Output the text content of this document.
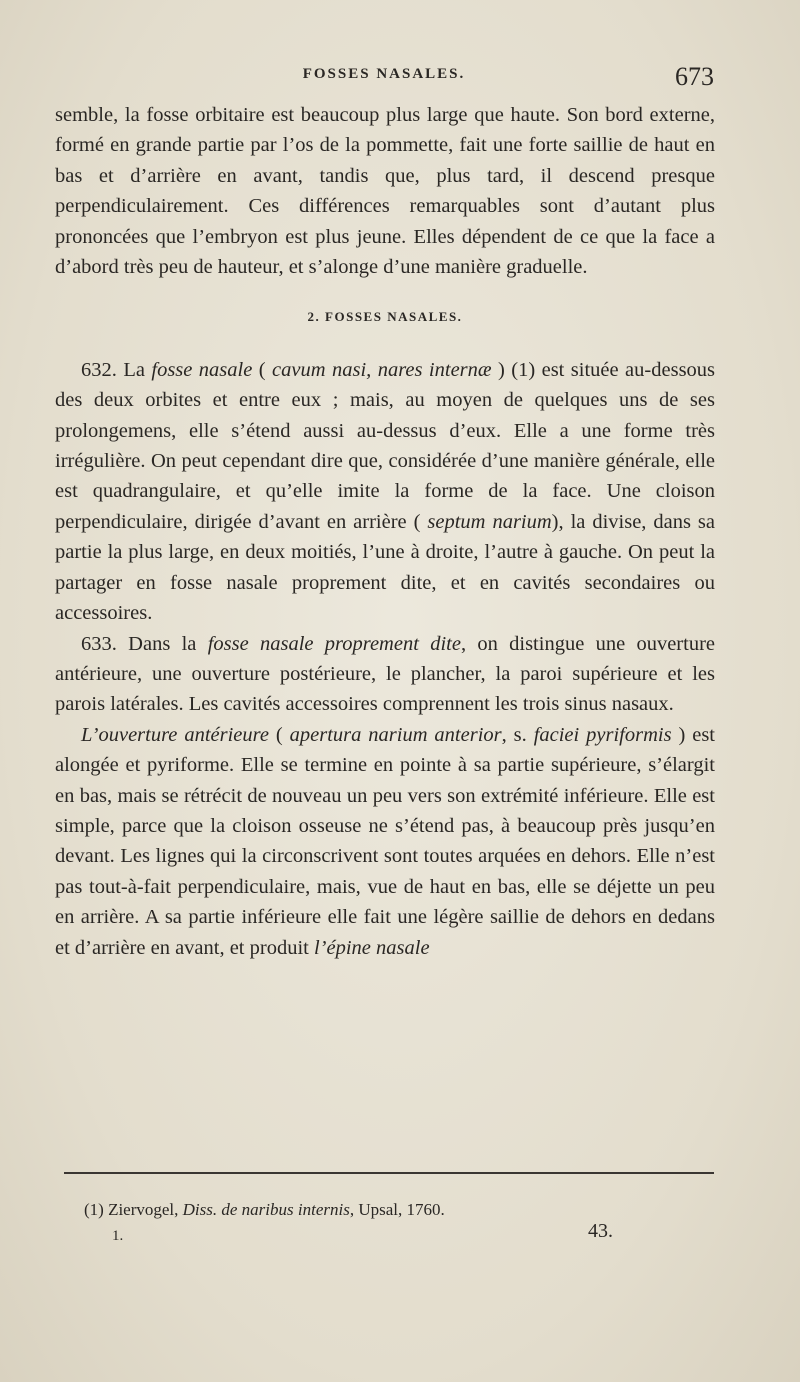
FOSSES NASALES.	673

semble, la fosse orbitaire est beaucoup plus large que haute. Son bord externe, formé en grande partie par l’os de la pommette, fait une forte saillie de haut en bas et d’arrière en avant, tandis que, plus tard, il descend presque perpendiculairement. Ces différences remarquables sont d’autant plus prononcées que l’embryon est plus jeune. Elles dépendent de ce que la face a d’abord très peu de hauteur, et s’alonge d’une manière graduelle.

2. FOSSES NASALES.

632. La fosse nasale ( cavum nasi, nares internæ ) (1) est située au-dessous des deux orbites et entre eux ; mais, au moyen de quelques uns de ses prolongemens, elle s’étend aussi au-dessus d’eux. Elle a une forme très irrégulière. On peut cependant dire que, considérée d’une manière générale, elle est quadrangulaire, et qu’elle imite la forme de la face. Une cloison perpendiculaire, dirigée d’avant en arrière ( septum narium), la divise, dans sa partie la plus large, en deux moitiés, l’une à droite, l’autre à gauche. On peut la partager en fosse nasale proprement dite, et en cavités secondaires ou accessoires.

633. Dans la fosse nasale proprement dite, on distingue une ouverture antérieure, une ouverture postérieure, le plancher, la paroi supérieure et les parois latérales. Les cavités accessoires comprennent les trois sinus nasaux.

L’ouverture antérieure ( apertura narium anterior, s. faciei pyriformis ) est alongée et pyriforme. Elle se termine en pointe à sa partie supérieure, s’élargit en bas, mais se rétrécit de nouveau un peu vers son extrémité inférieure. Elle est simple, parce que la cloison osseuse ne s’étend pas, à beaucoup près jusqu’en devant. Les lignes qui la circonscrivent sont toutes arquées en dehors. Elle n’est pas tout-à-fait perpendiculaire, mais, vue de haut en bas, elle se déjette un peu en arrière. A sa partie inférieure elle fait une légère saillie de dehors en dedans et d’arrière en avant, et produit l’épine nasale

(1) Ziervogel, Diss. de naribus internis, Upsal, 1760.
1.	43.
